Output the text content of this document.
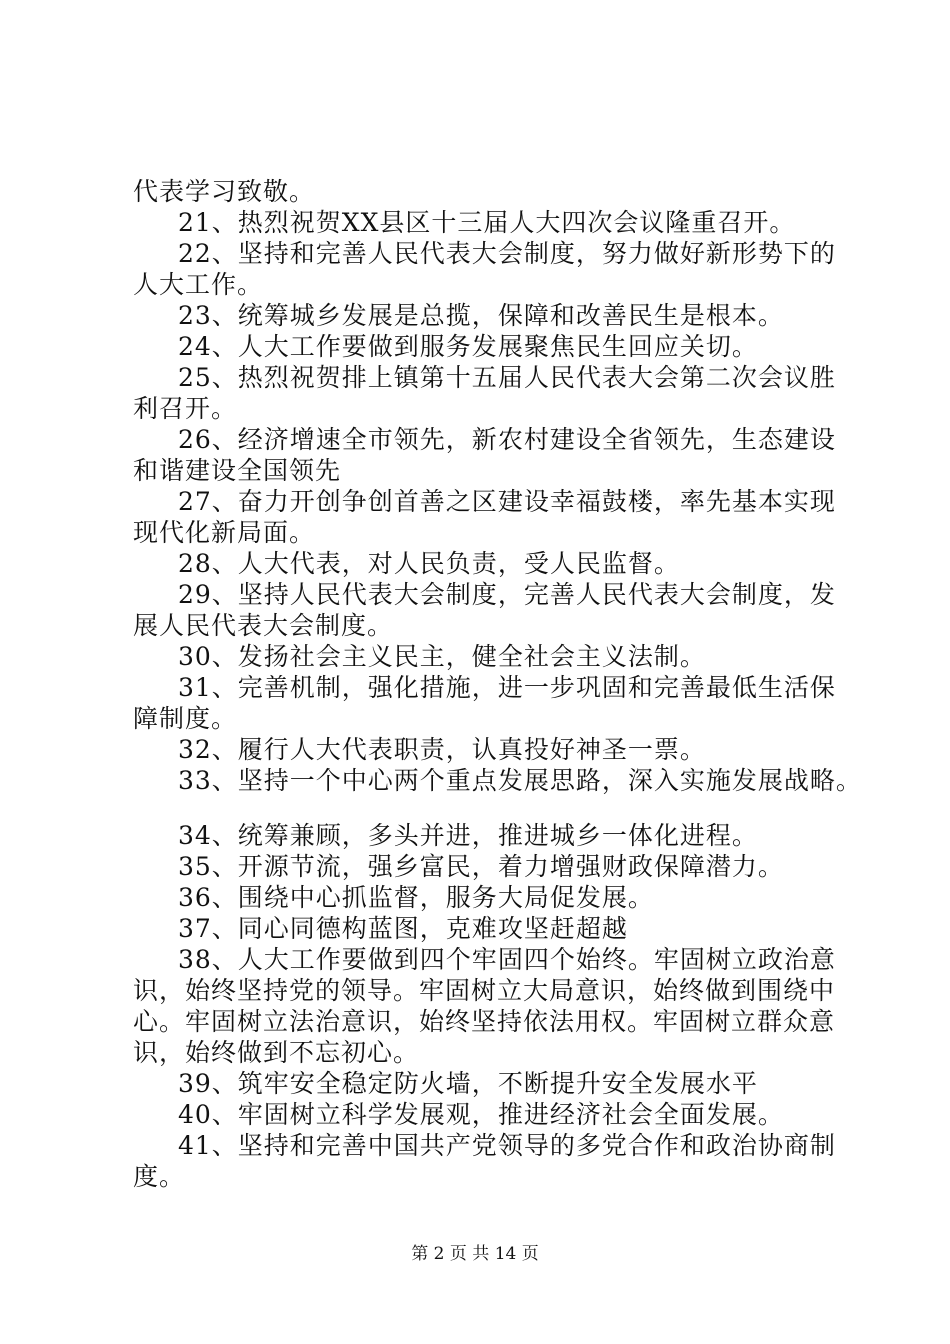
代表学习致敬。
21、热烈祝贺XX县区十三届人大四次会议隆重召开。
22、坚持和完善人民代表大会制度，努力做好新形势下的
人大工作。
23、统筹城乡发展是总揽，保障和改善民生是根本。
24、人大工作要做到服务发展聚焦民生回应关切。
25、热烈祝贺排上镇第十五届人民代表大会第二次会议胜
利召开。
26、经济增速全市领先，新农村建设全省领先，生态建设
和谐建设全国领先
27、奋力开创争创首善之区建设幸福鼓楼，率先基本实现
现代化新局面。
28、人大代表，对人民负责，受人民监督。
29、坚持人民代表大会制度，完善人民代表大会制度，发
展人民代表大会制度。
30、发扬社会主义民主，健全社会主义法制。
31、完善机制，强化措施，进一步巩固和完善最低生活保
障制度。
32、履行人大代表职责，认真投好神圣一票。
33、坚持一个中心两个重点发展思路，深入实施发展战略。
34、统筹兼顾，多头并进，推进城乡一体化进程。
35、开源节流，强乡富民，着力增强财政保障潜力。
36、围绕中心抓监督，服务大局促发展。
37、同心同德构蓝图，克难攻坚赶超越
38、人大工作要做到四个牢固四个始终。牢固树立政治意
识，始终坚持党的领导。牢固树立大局意识，始终做到围绕中
心。牢固树立法治意识，始终坚持依法用权。牢固树立群众意
识，始终做到不忘初心。
39、筑牢安全稳定防火墙，不断提升安全发展水平
40、牢固树立科学发展观，推进经济社会全面发展。
41、坚持和完善中国共产党领导的多党合作和政治协商制
度。
第 2 页 共 14 页
